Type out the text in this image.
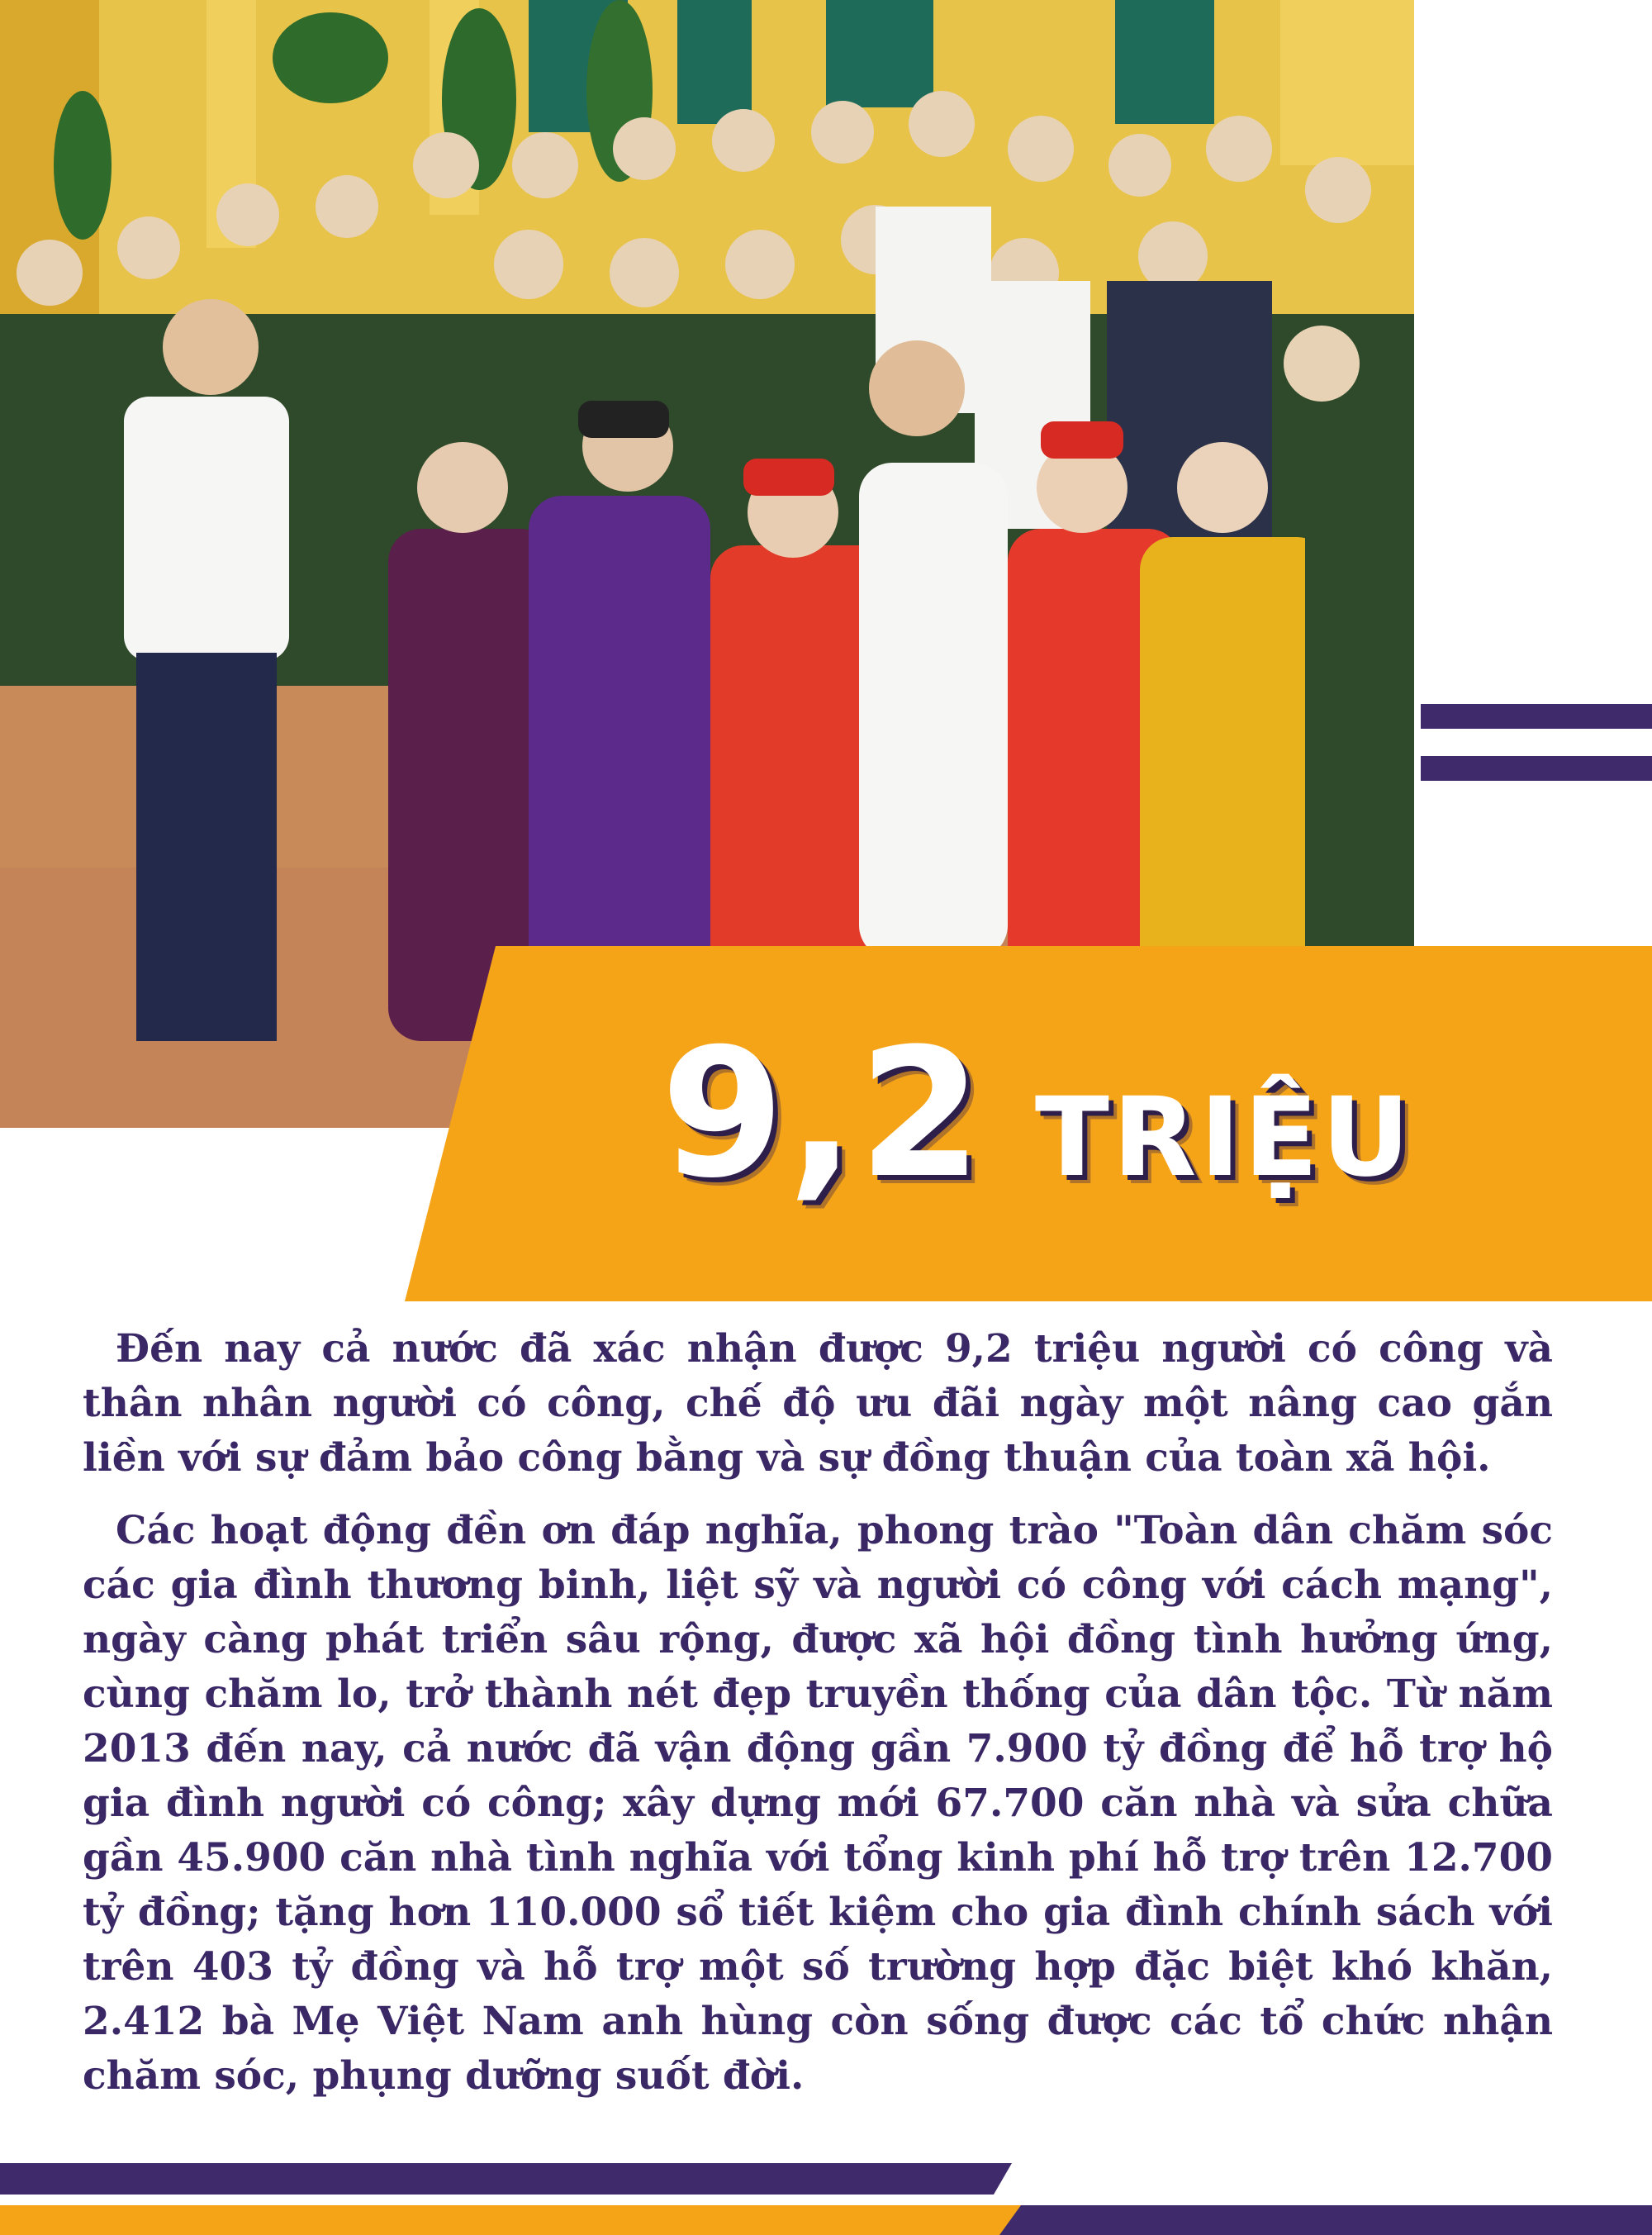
9,2 TRIỆU

Đến nay cả nước đã xác nhận được 9,2 triệu người có công và thân nhân người có công, chế độ ưu đãi ngày một nâng cao gắn liền với sự đảm bảo công bằng và sự đồng thuận của toàn xã hội.

Các hoạt động đền ơn đáp nghĩa, phong trào "Toàn dân chăm sóc các gia đình thương binh, liệt sỹ và người có công với cách mạng", ngày càng phát triển sâu rộng, được xã hội đồng tình hưởng ứng, cùng chăm lo, trở thành nét đẹp truyền thống của dân tộc. Từ năm 2013 đến nay, cả nước đã vận động gần 7.900 tỷ đồng để hỗ trợ hộ gia đình người có công; xây dựng mới 67.700 căn nhà và sửa chữa gần 45.900 căn nhà tình nghĩa với tổng kinh phí hỗ trợ trên 12.700 tỷ đồng; tặng hơn 110.000 sổ tiết kiệm cho gia đình chính sách với trên 403 tỷ đồng và hỗ trợ một số trường hợp đặc biệt khó khăn, 2.412 bà Mẹ Việt Nam anh hùng còn sống được các tổ chức nhận chăm sóc, phụng dưỡng suốt đời.
